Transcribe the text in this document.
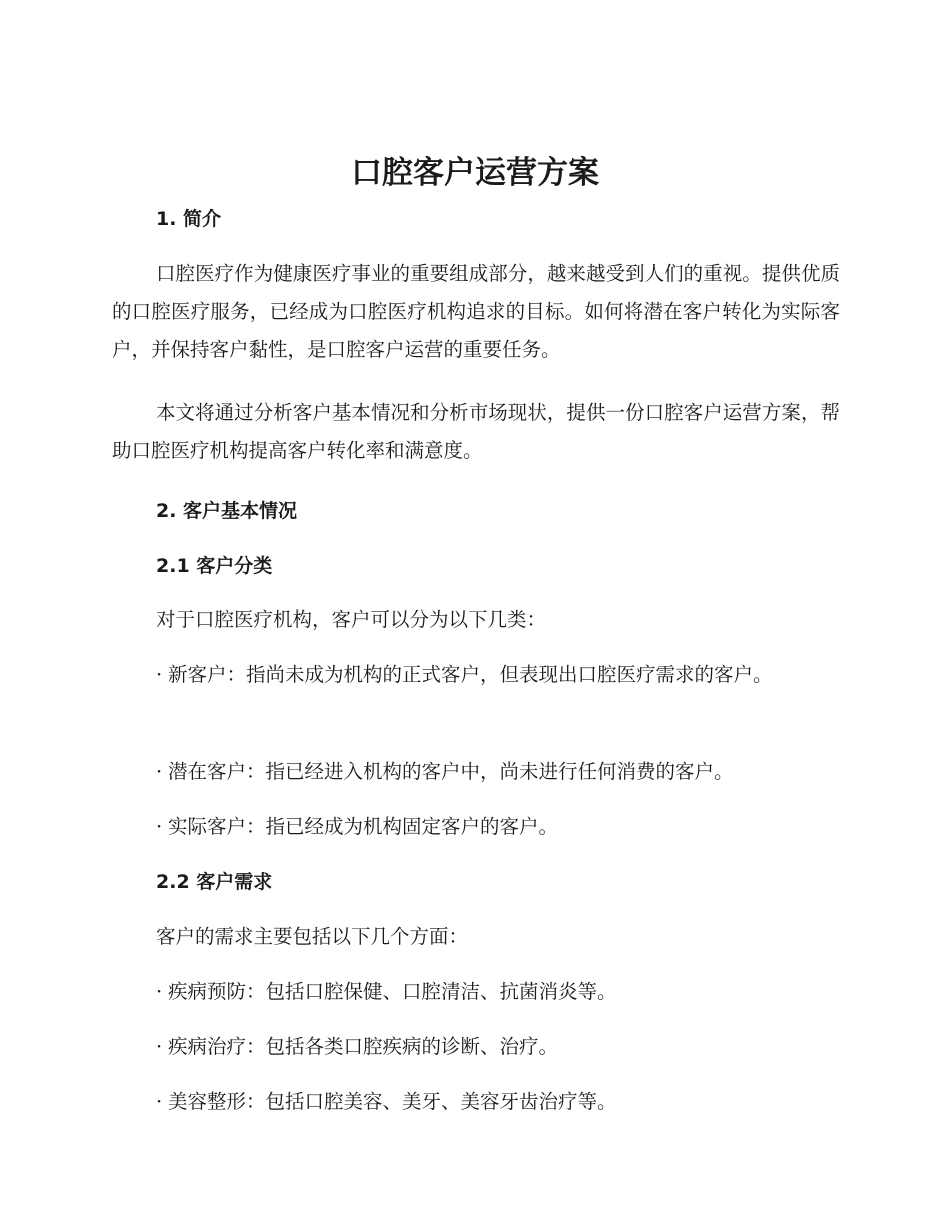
口腔客户运营方案
1. 简介

口腔医疗作为健康医疗事业的重要组成部分，越来越受到人们的重视。提供优质的口腔医疗服务，已经成为口腔医疗机构追求的目标。如何将潜在客户转化为实际客户，并保持客户黏性，是口腔客户运营的重要任务。

本文将通过分析客户基本情况和分析市场现状，提供一份口腔客户运营方案，帮助口腔医疗机构提高客户转化率和满意度。

2. 客户基本情况
2.1 客户分类

对于口腔医疗机构，客户可以分为以下几类：

· 新客户：指尚未成为机构的正式客户，但表现出口腔医疗需求的客户。

· 潜在客户：指已经进入机构的客户中，尚未进行任何消费的客户。

· 实际客户：指已经成为机构固定客户的客户。

2.2 客户需求

客户的需求主要包括以下几个方面：

· 疾病预防：包括口腔保健、口腔清洁、抗菌消炎等。

· 疾病治疗：包括各类口腔疾病的诊断、治疗。

· 美容整形：包括口腔美容、美牙、美容牙齿治疗等。
